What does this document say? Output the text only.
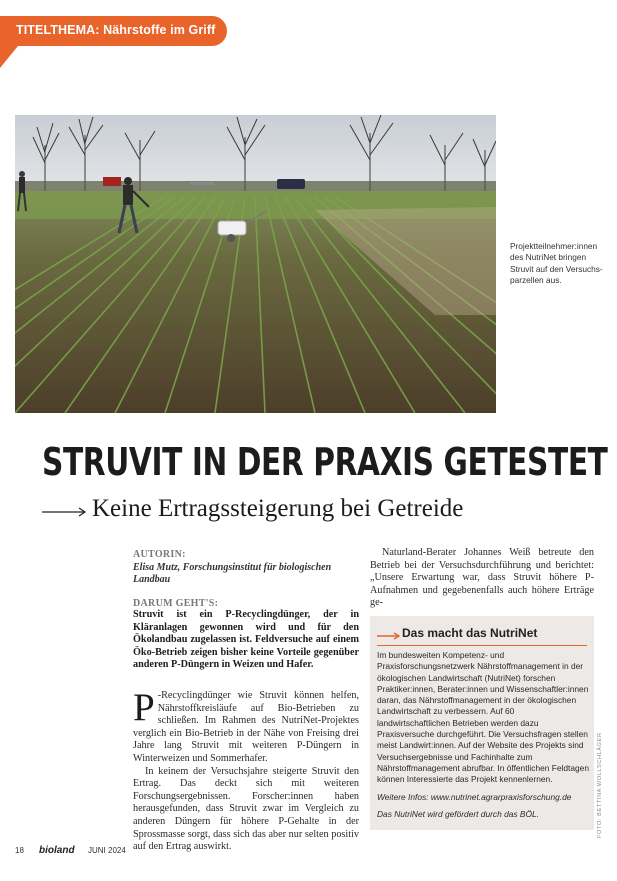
TITELTHEMA: Nährstoffe im Griff
Projektteilnehmer:innen des NutriNet bringen Struvit auf den Versuchs-parzellen aus.
STRUVIT IN DER PRAXIS GETESTET
Keine Ertragssteigerung bei Getreide
AUTORIN:
Elisa Mutz, Forschungsinstitut für biologischen Landbau
DARUM GEHT'S:
Struvit ist ein P-Recyclingdünger, der in Kläranlagen gewonnen wird und für den Ökolandbau zugelassen ist. Feldversuche auf einem Öko-Betrieb zeigen bisher keine Vorteile gegenüber anderen P-Düngern in Weizen und Hafer.

P -Recyclingdünger wie Struvit können helfen, Nährstoffkreisläufe auf Bio-Betrieben zu schließen. Im Rahmen des NutriNet-Projektes verglich ein Bio-Betrieb in der Nähe von Freising drei Jahre lang Struvit mit weiteren P-Düngern in Winterweizen und Sommerhafer.

In keinem der Versuchsjahre steigerte Struvit den Ertrag. Das deckt sich mit weiteren Forschungsergebnissen. Forscher:innen haben herausgefunden, dass Struvit zwar im Vergleich zu anderen Düngern für höhere P-Gehalte in der Sprossmasse sorgt, dass sich das aber nur selten positiv auf den Ertrag auswirkt.

Naturland-Berater Johannes Weiß betreute den Betrieb bei der Versuchsdurchführung und berichtet: „Unsere Erwartung war, dass Struvit höhere P-Aufnahmen und gegebenenfalls auch höhere Erträge ge-
Das macht das NutriNet

Im bundesweiten Kompetenz- und Praxisforschungsnetzwerk Nährstoffmanagement in der ökologischen Landwirtschaft (NutriNet) forschen Praktiker:innen, Berater:innen und Wissenschaftler:innen daran, das Nährstoffmanagement in der ökologischen Landwirtschaft zu verbessern. Auf 60 landwirtschaftlichen Betrieben werden dazu Praxisversuche durchgeführt. Die Versuchsfragen stellen meist Landwirt:innen. Auf der Website des Projekts sind Versuchsergebnisse und Fachinhalte zum Nährstoffmanagement abrufbar. In öffentlichen Feldtagen können Interessierte das Projekt kennenlernen.

Weitere Infos: www.nutrinet.agrarpraxisforschung.de

Das NutriNet wird gefördert durch das BÖL.	FOTO: BETTINA WOLLSCHLÄGER
18 bioland JUNI 2024
